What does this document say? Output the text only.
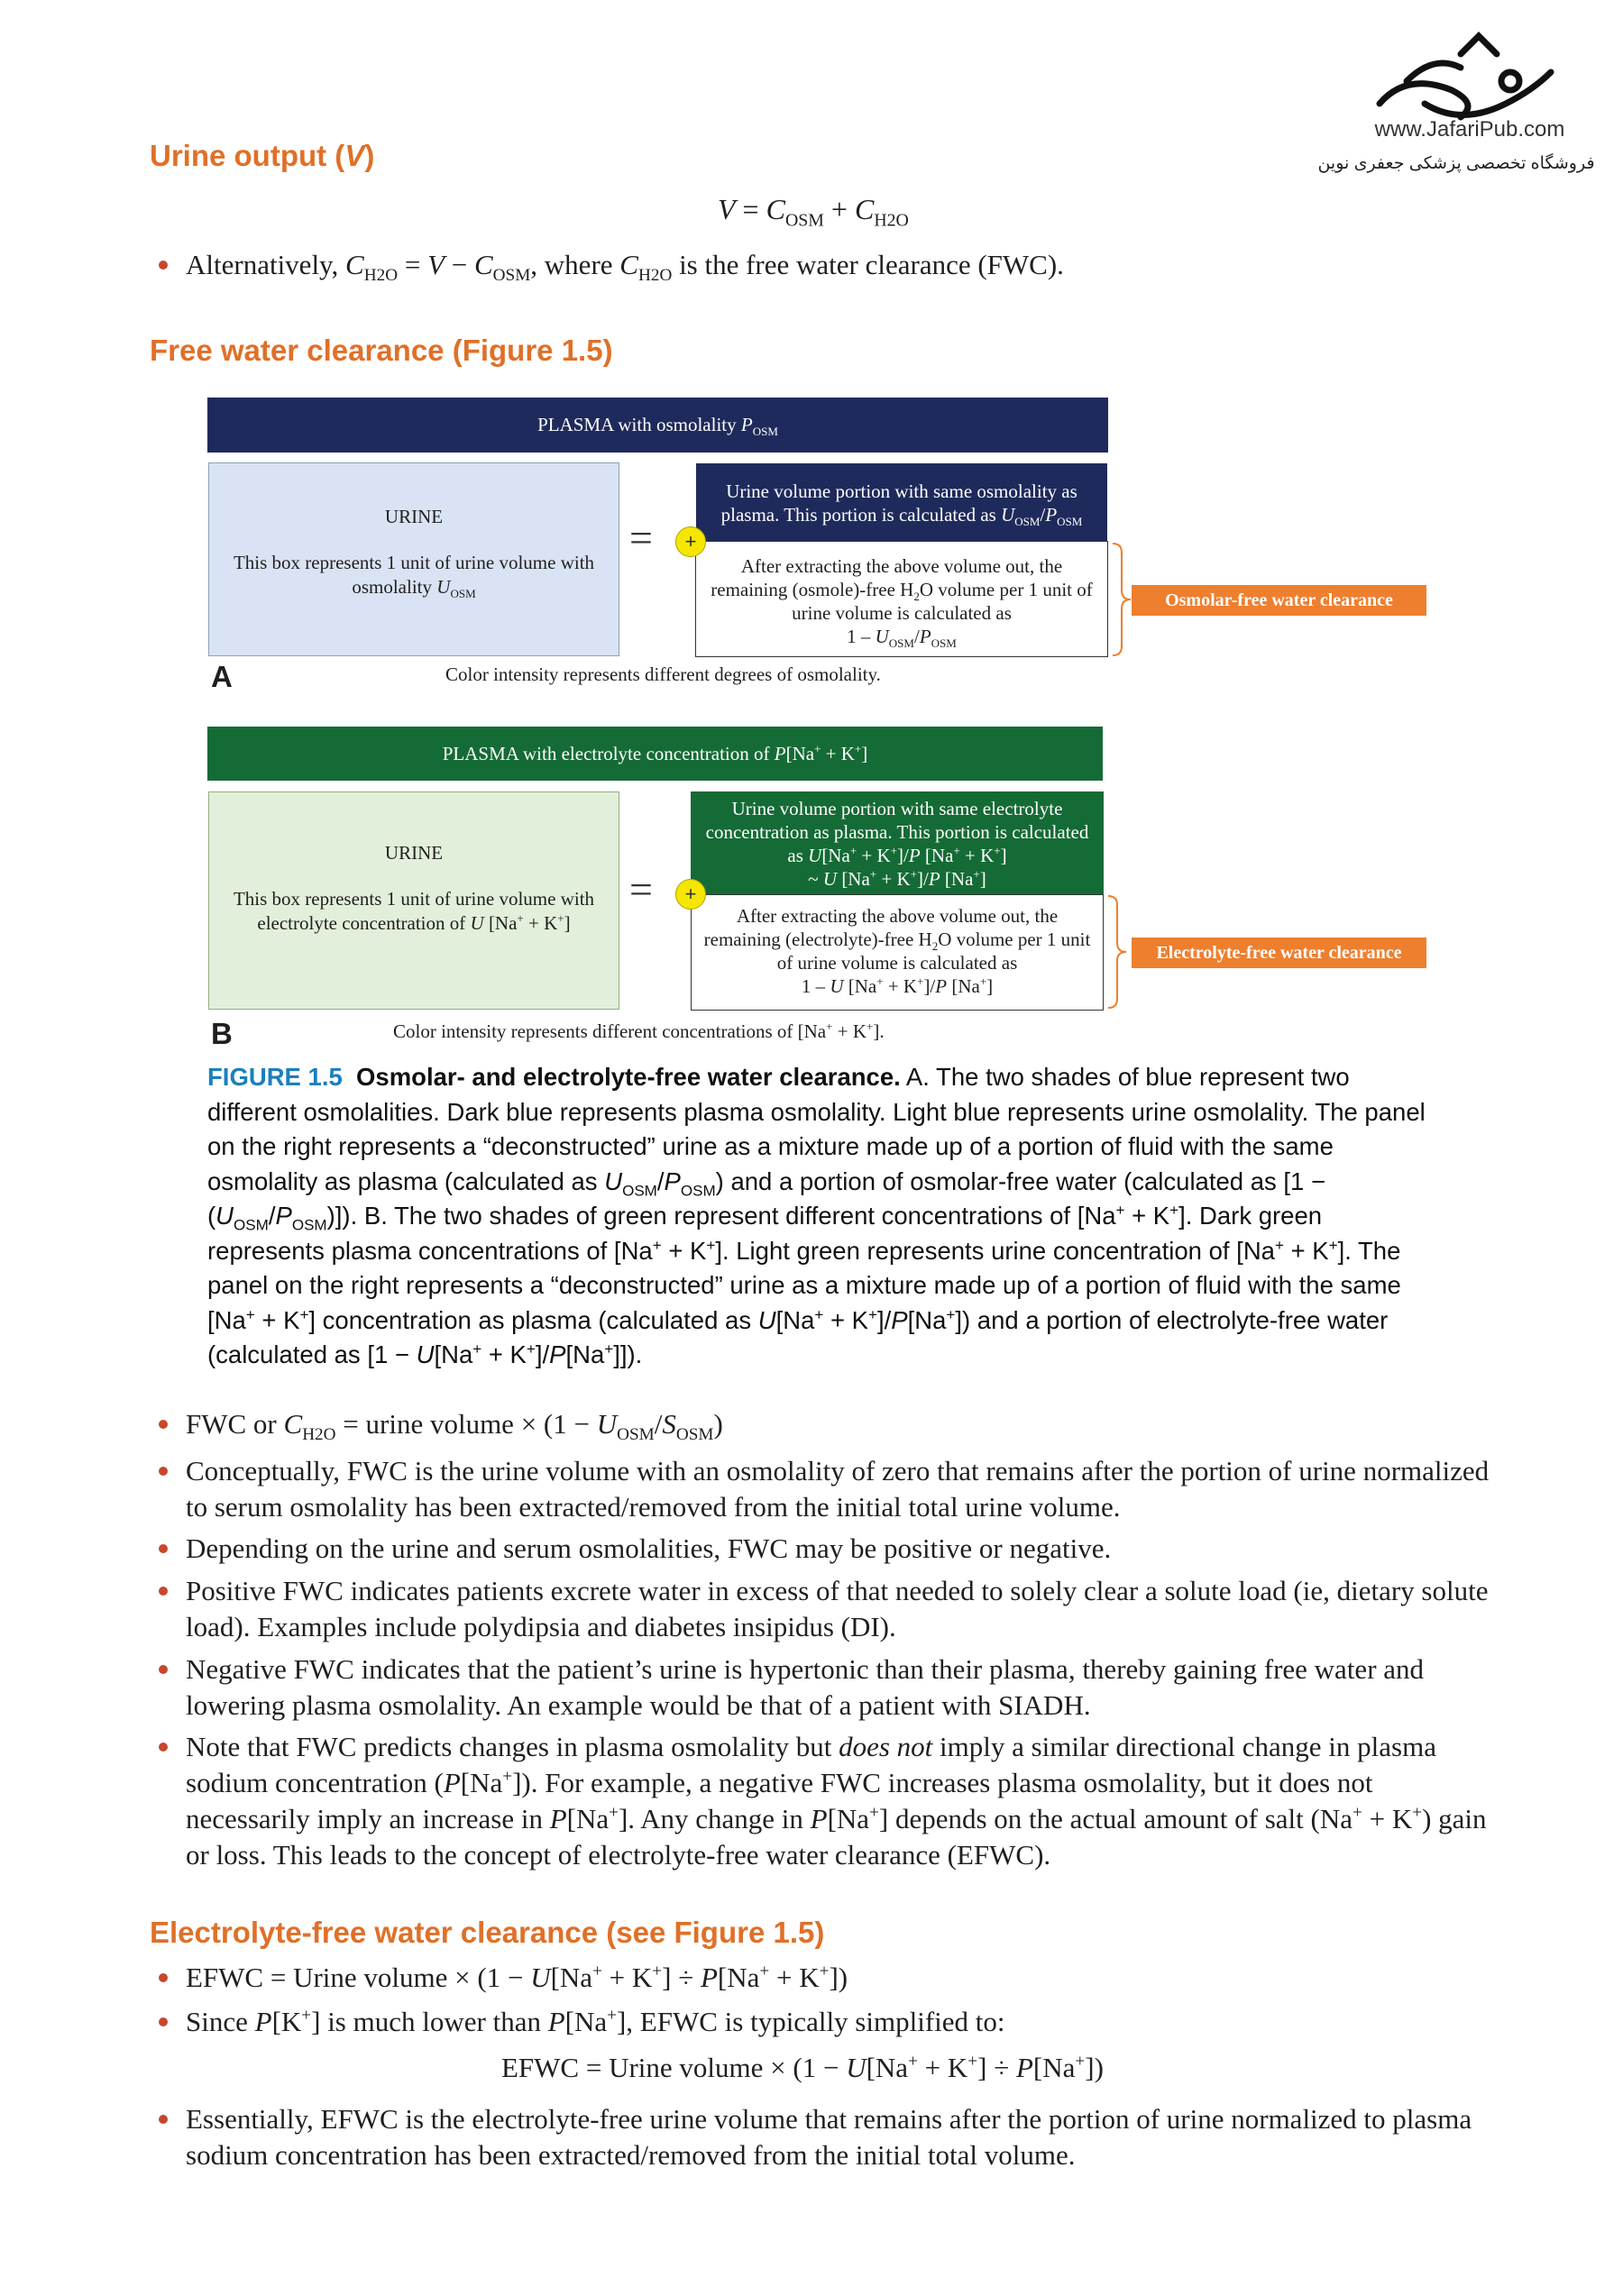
www.JafariPub.com
فروشگاه تخصصی پزشکی جعفری نوین
Urine output (V)
$V = C_{OSM} + C_{H2O}$
Alternatively, $C_{H2O} = V - C_{OSM}$, where $C_{H2O}$ is the free water clearance (FWC).
Free water clearance (Figure 1.5)
PLASMA with osmolality $P_{OSM}$
URINE
This box represents 1 unit of urine volume with osmolality $U_{OSM}$
=
Urine volume portion with same osmolality as plasma. This portion is calculated as $U_{OSM}/P_{OSM}$
After extracting the above volume out, the remaining (osmole)-free $H_2O$ volume per 1 unit of urine volume is calculated as
$1 - U_{OSM}/P_{OSM}$
+
Osmolar-free water clearance
A	Color intensity represents different degrees of osmolality.
PLASMA with electrolyte concentration of P[Na+ + K+]
URINE
This box represents 1 unit of urine volume with electrolyte concentration of U [Na+ + K+]
=
Urine volume portion with same electrolyte
concentration as plasma. This portion is calculated
as U[Na+ + K+]/P [Na+ + K+]
~ U [Na+ + K+]/P [Na+]
After extracting the above volume out, the remaining (electrolyte)-free $H_2O$ volume per 1 unit of urine volume is calculated as
1 – U [Na+ + K+]/P [Na+]
+
Electrolyte-free water clearance
B	Color intensity represents different concentrations of [Na+ + K+].
FIGURE 1.5 Osmolar- and electrolyte-free water clearance. A. The two shades of blue represent two different osmolalities. Dark blue represents plasma osmolality. Light blue represents urine osmolality. The panel on the right represents a “deconstructed” urine as a mixture made up of a portion of fluid with the same osmolality as plasma (calculated as $U_{OSM}/P_{OSM}$) and a portion of osmolar-free water (calculated as $[1 - (U_{OSM}/P_{OSM})]$). B. The two shades of green represent different concentrations of [Na+ + K+]. Dark green represents plasma concentrations of [Na+ + K+]. Light green represents urine concentration of [Na+ + K+]. The panel on the right represents a “deconstructed” urine as a mixture made up of a portion of fluid with the same [Na+ + K+] concentration as plasma (calculated as U[Na+ + K+]/P[Na+]) and a portion of electrolyte-free water (calculated as [1 − U[Na+ + K+]/P[Na+]]).
FWC or $C_{H2O}$ = urine volume × $(1 - U_{OSM}/S_{OSM})$
Conceptually, FWC is the urine volume with an osmolality of zero that remains after the portion of urine normalized to serum osmolality has been extracted/removed from the initial total urine volume.
Depending on the urine and serum osmolalities, FWC may be positive or negative.
Positive FWC indicates patients excrete water in excess of that needed to solely clear a solute load (ie, dietary solute load). Examples include polydipsia and diabetes insipidus (DI).
Negative FWC indicates that the patient’s urine is hypertonic than their plasma, thereby gaining free water and lowering plasma osmolality. An example would be that of a patient with SIADH.
Note that FWC predicts changes in plasma osmolality but does not imply a similar directional change in plasma sodium concentration (P[Na+]). For example, a negative FWC increases plasma osmolality, but it does not necessarily imply an increase in P[Na+]. Any change in P[Na+] depends on the actual amount of salt (Na+ + K+) gain or loss. This leads to the concept of electrolyte-free water clearance (EFWC).
Electrolyte-free water clearance (see Figure 1.5)
EFWC = Urine volume × (1 − U[Na+ + K+] ÷ P[Na+ + K+])
Since P[K+] is much lower than P[Na+], EFWC is typically simplified to:
EFWC = Urine volume × (1 − U[Na+ + K+] ÷ P[Na+])
Essentially, EFWC is the electrolyte-free urine volume that remains after the portion of urine normalized to plasma sodium concentration has been extracted/removed from the initial total volume.
